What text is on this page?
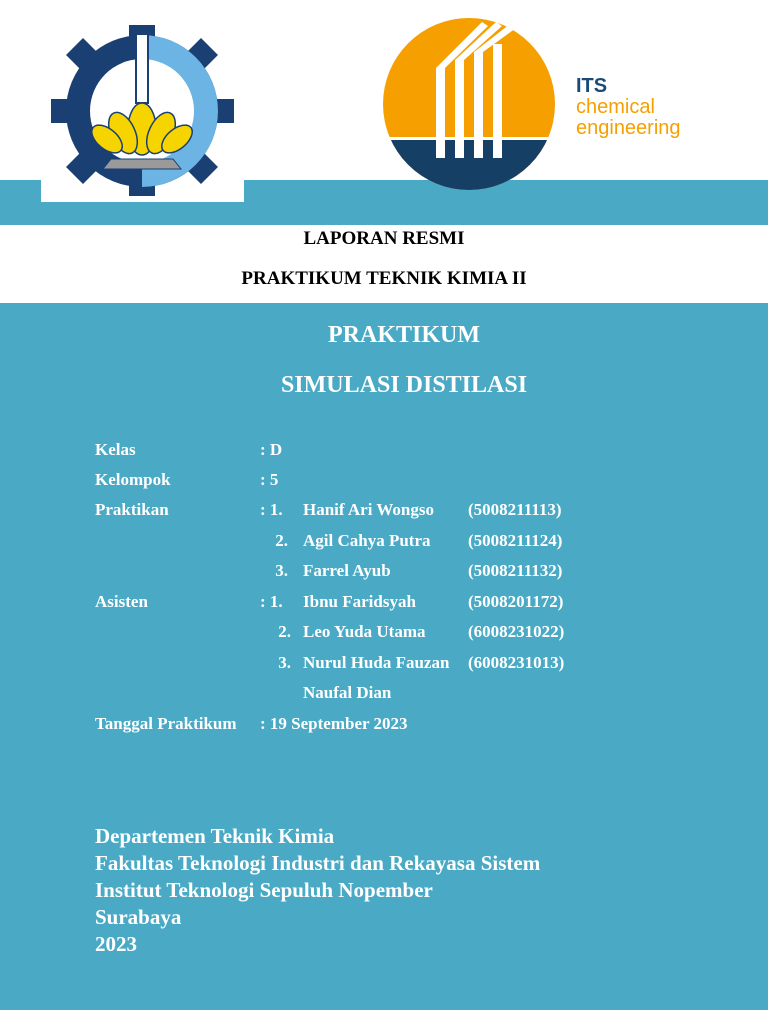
ITS
chemical
engineering
LAPORAN RESMI
PRAKTIKUM TEKNIK KIMIA II
PRAKTIKUM
SIMULASI DISTILASI
Kelas	: D
Kelompok	: 5
Praktikan	: 1. Hanif Ari Wongso (5008211113)
2. Agil Cahya Putra (5008211124)
3. Farrel Ayub	(5008211132)
Asisten	: 1. Ibnu Faridsyah	(5008201172)
2. Leo Yuda Utama	(6008231022)
3. Nurul Huda Fauzan (6008231013)
Naufal Dian
Tanggal Praktikum : 19 September 2023
Departemen Teknik Kimia
Fakultas Teknologi Industri dan Rekayasa Sistem
Institut Teknologi Sepuluh Nopember
Surabaya
2023
